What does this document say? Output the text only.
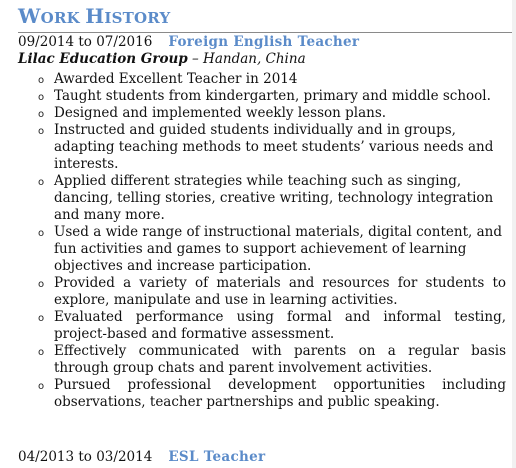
WORK HISTORY
09/2014 to 07/2016 Foreign English Teacher
Lilac Education Group – Handan, China
o Awarded Excellent Teacher in 2014
o Taught students from kindergarten, primary and middle school.
o Designed and implemented weekly lesson plans.
o Instructed and guided students individually and in groups, adapting teaching methods to meet students’ various needs and interests.
o Applied different strategies while teaching such as singing, dancing, telling stories, creative writing, technology integration and many more.
o Used a wide range of instructional materials, digital content, and fun activities and games to support achievement of learning objectives and increase participation.
o Provided a variety of materials and resources for students to explore, manipulate and use in learning activities.
o Evaluated performance using formal and informal testing, project-based and formative assessment.
o Effectively communicated with parents on a regular basis through group chats and parent involvement activities.
o Pursued professional development opportunities including observations, teacher partnerships and public speaking.
04/2013 to 03/2014 ESL Teacher
